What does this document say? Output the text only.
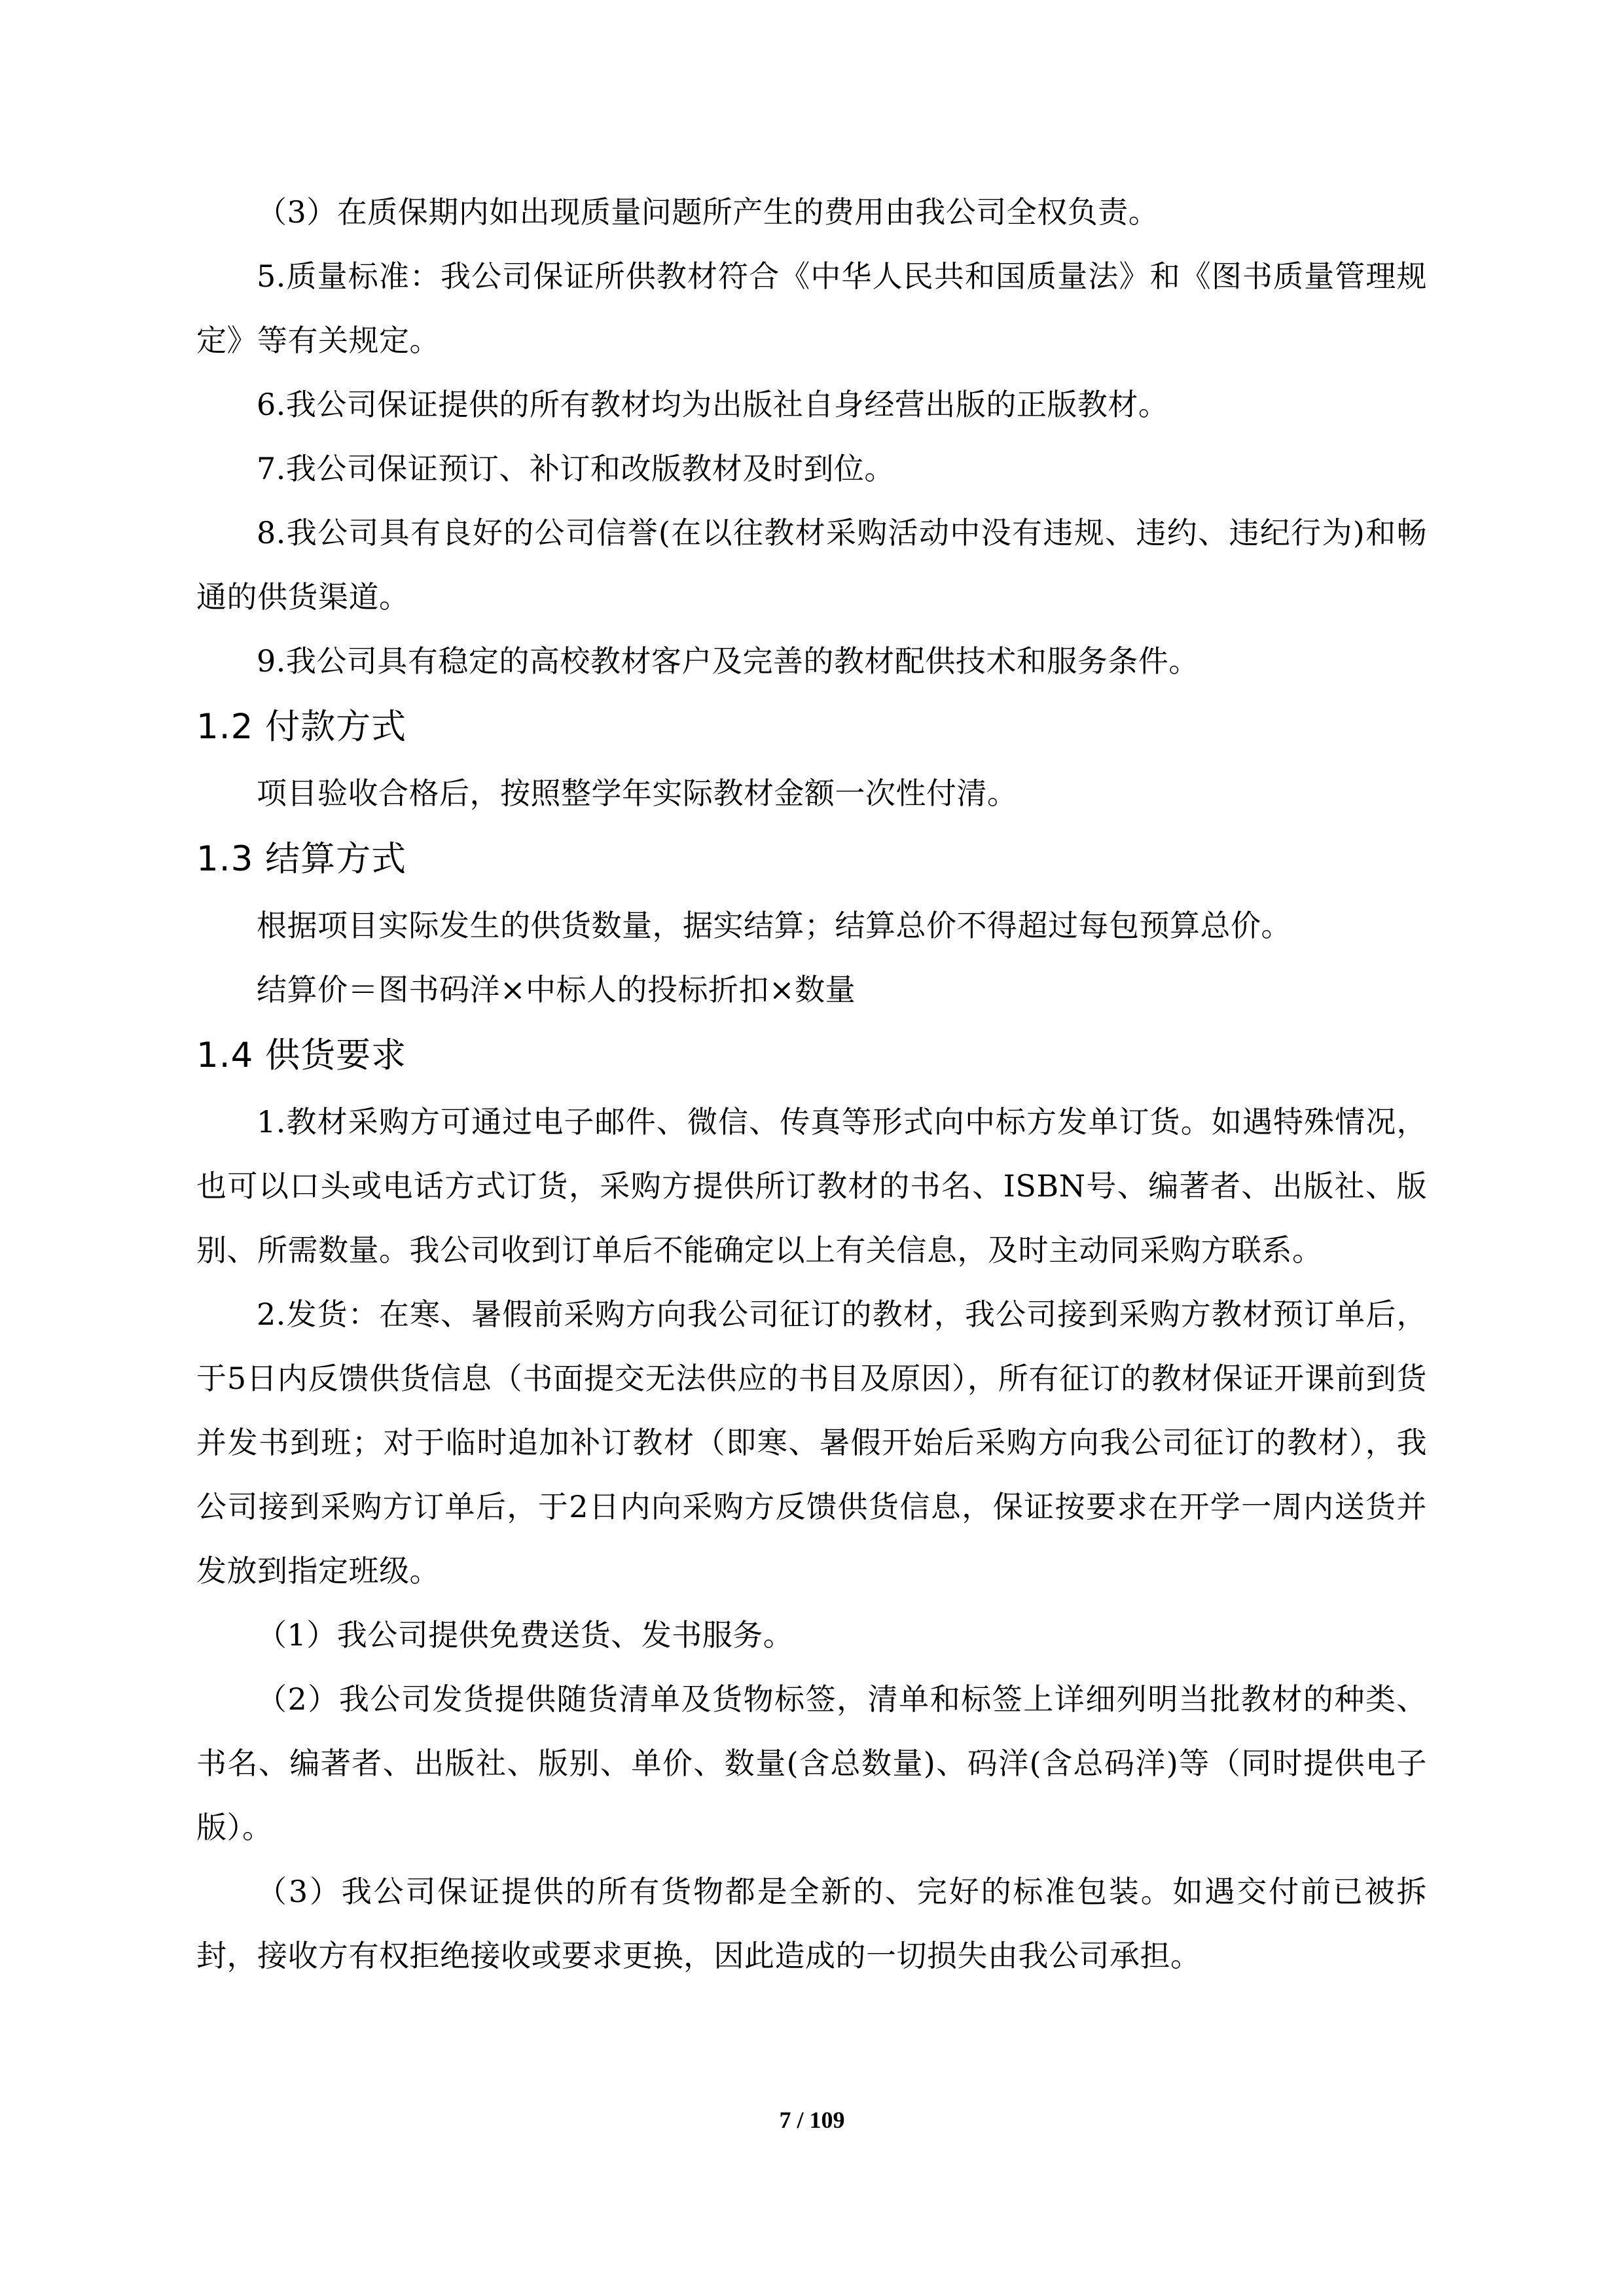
（3）在质保期内如出现质量问题所产生的费用由我公司全权负责。

5.质量标准：我公司保证所供教材符合《中华人民共和国质量法》和《图书质量管理规定》等有关规定。

6.我公司保证提供的所有教材均为出版社自身经营出版的正版教材。

7.我公司保证预订、补订和改版教材及时到位。

8.我公司具有良好的公司信誉(在以往教材采购活动中没有违规、违约、违纪行为)和畅通的供货渠道。

9.我公司具有稳定的高校教材客户及完善的教材配供技术和服务条件。

1.2 付款方式

项目验收合格后，按照整学年实际教材金额一次性付清。

1.3 结算方式

根据项目实际发生的供货数量，据实结算；结算总价不得超过每包预算总价。

结算价＝图书码洋×中标人的投标折扣×数量

1.4 供货要求

1.教材采购方可通过电子邮件、微信、传真等形式向中标方发单订货。如遇特殊情况，也可以口头或电话方式订货，采购方提供所订教材的书名、ISBN号、编著者、出版社、版别、所需数量。我公司收到订单后不能确定以上有关信息，及时主动同采购方联系。

2.发货：在寒、暑假前采购方向我公司征订的教材，我公司接到采购方教材预订单后，于5日内反馈供货信息（书面提交无法供应的书目及原因），所有征订的教材保证开课前到货并发书到班；对于临时追加补订教材（即寒、暑假开始后采购方向我公司征订的教材），我公司接到采购方订单后，于2日内向采购方反馈供货信息，保证按要求在开学一周内送货并发放到指定班级。

（1）我公司提供免费送货、发书服务。

（2）我公司发货提供随货清单及货物标签，清单和标签上详细列明当批教材的种类、书名、编著者、出版社、版别、单价、数量(含总数量)、码洋(含总码洋)等（同时提供电子版）。

（3）我公司保证提供的所有货物都是全新的、完好的标准包装。如遇交付前已被拆封，接收方有权拒绝接收或要求更换，因此造成的一切损失由我公司承担。

7 / 109
